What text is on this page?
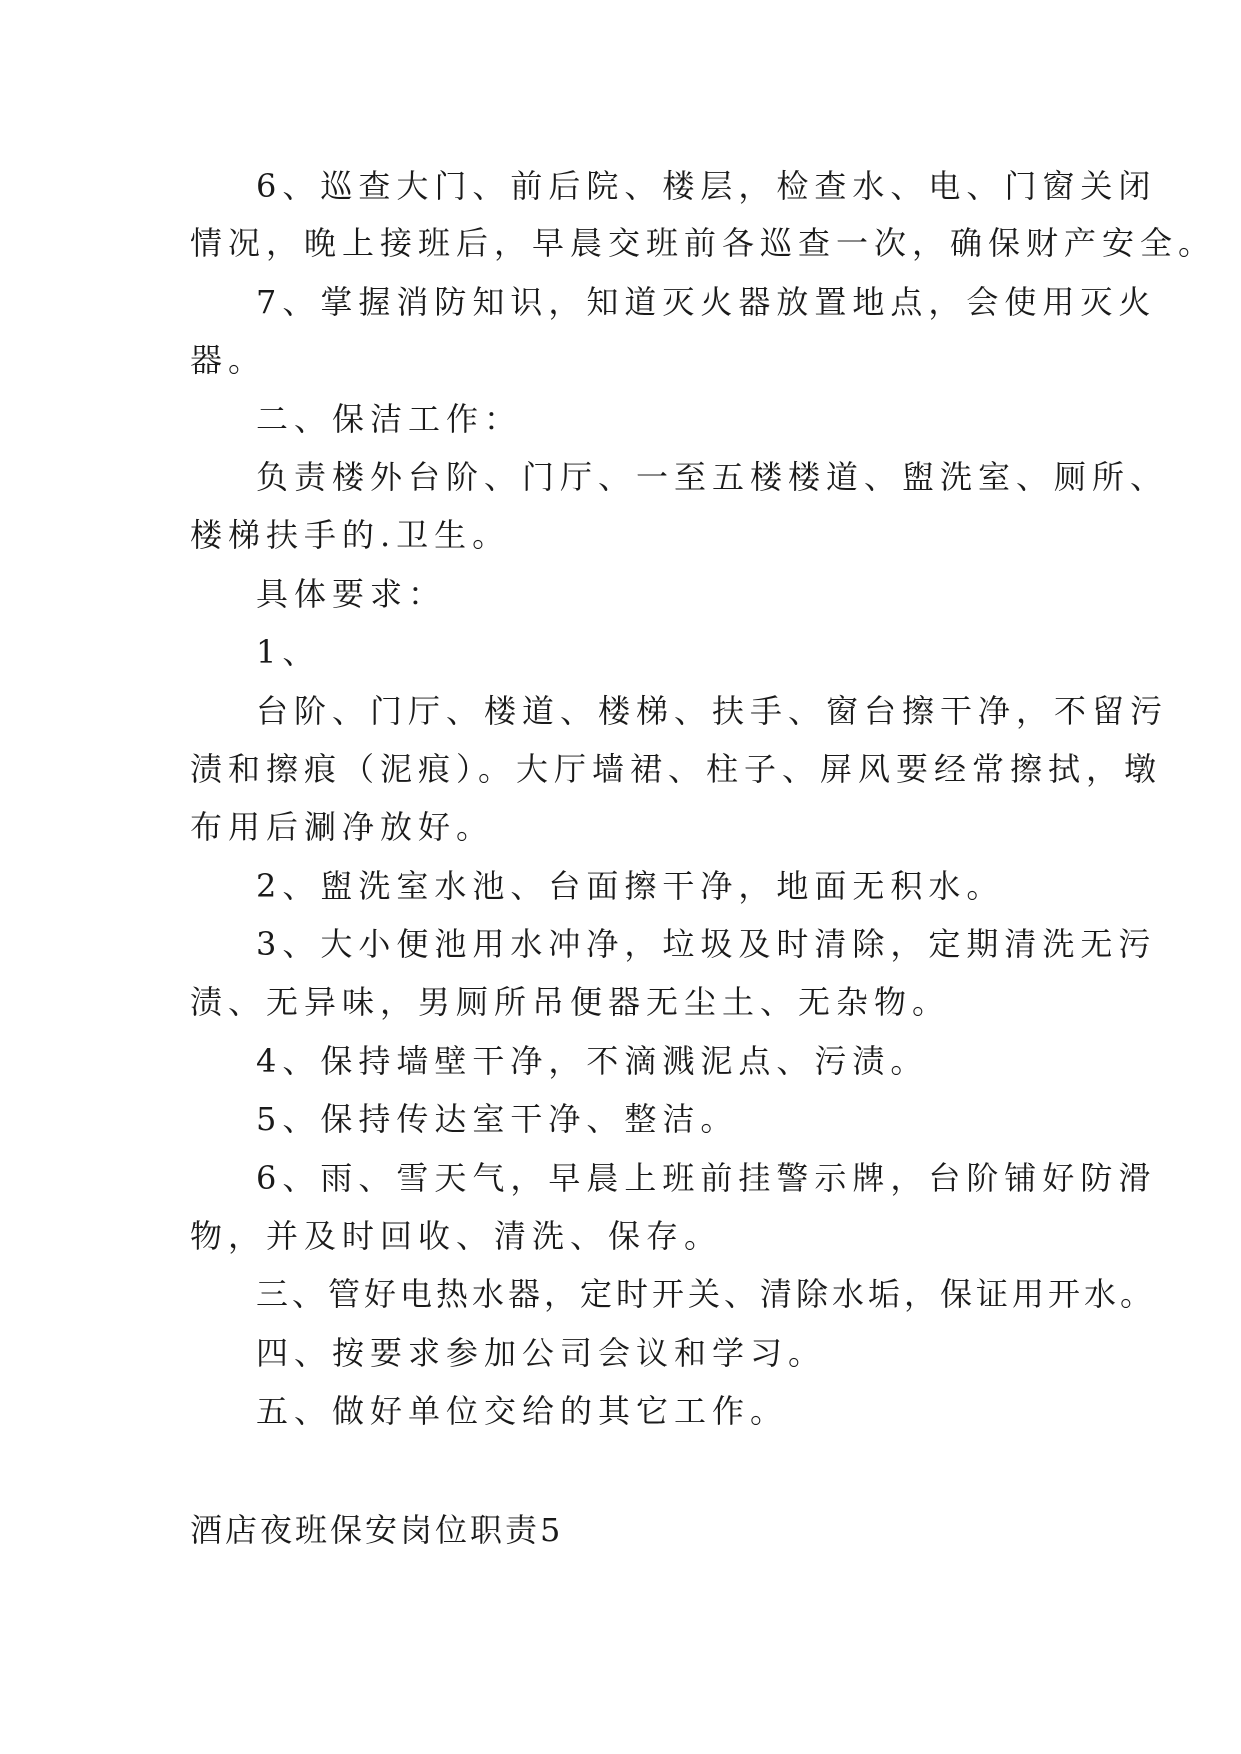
6、巡查大门、前后院、楼层，检查水、电、门窗关闭

情况，晚上接班后，早晨交班前各巡查一次，确保财产安全。

7、掌握消防知识，知道灭火器放置地点，会使用灭火

器。

二、保洁工作：

负责楼外台阶、门厅、一至五楼楼道、盥洗室、厕所、

楼梯扶手的.卫生。

具体要求：

1、

台阶、门厅、楼道、楼梯、扶手、窗台擦干净，不留污

渍和擦痕（泥痕）。大厅墙裙、柱子、屏风要经常擦拭，墩

布用后涮净放好。

2、盥洗室水池、台面擦干净，地面无积水。

3、大小便池用水冲净，垃圾及时清除，定期清洗无污

渍、无异味，男厕所吊便器无尘土、无杂物。

4、保持墙壁干净，不滴溅泥点、污渍。

5、保持传达室干净、整洁。

6、雨、雪天气，早晨上班前挂警示牌，台阶铺好防滑

物，并及时回收、清洗、保存。

三、管好电热水器，定时开关、清除水垢，保证用开水。

四、按要求参加公司会议和学习。

五、做好单位交给的其它工作。

酒店夜班保安岗位职责5
